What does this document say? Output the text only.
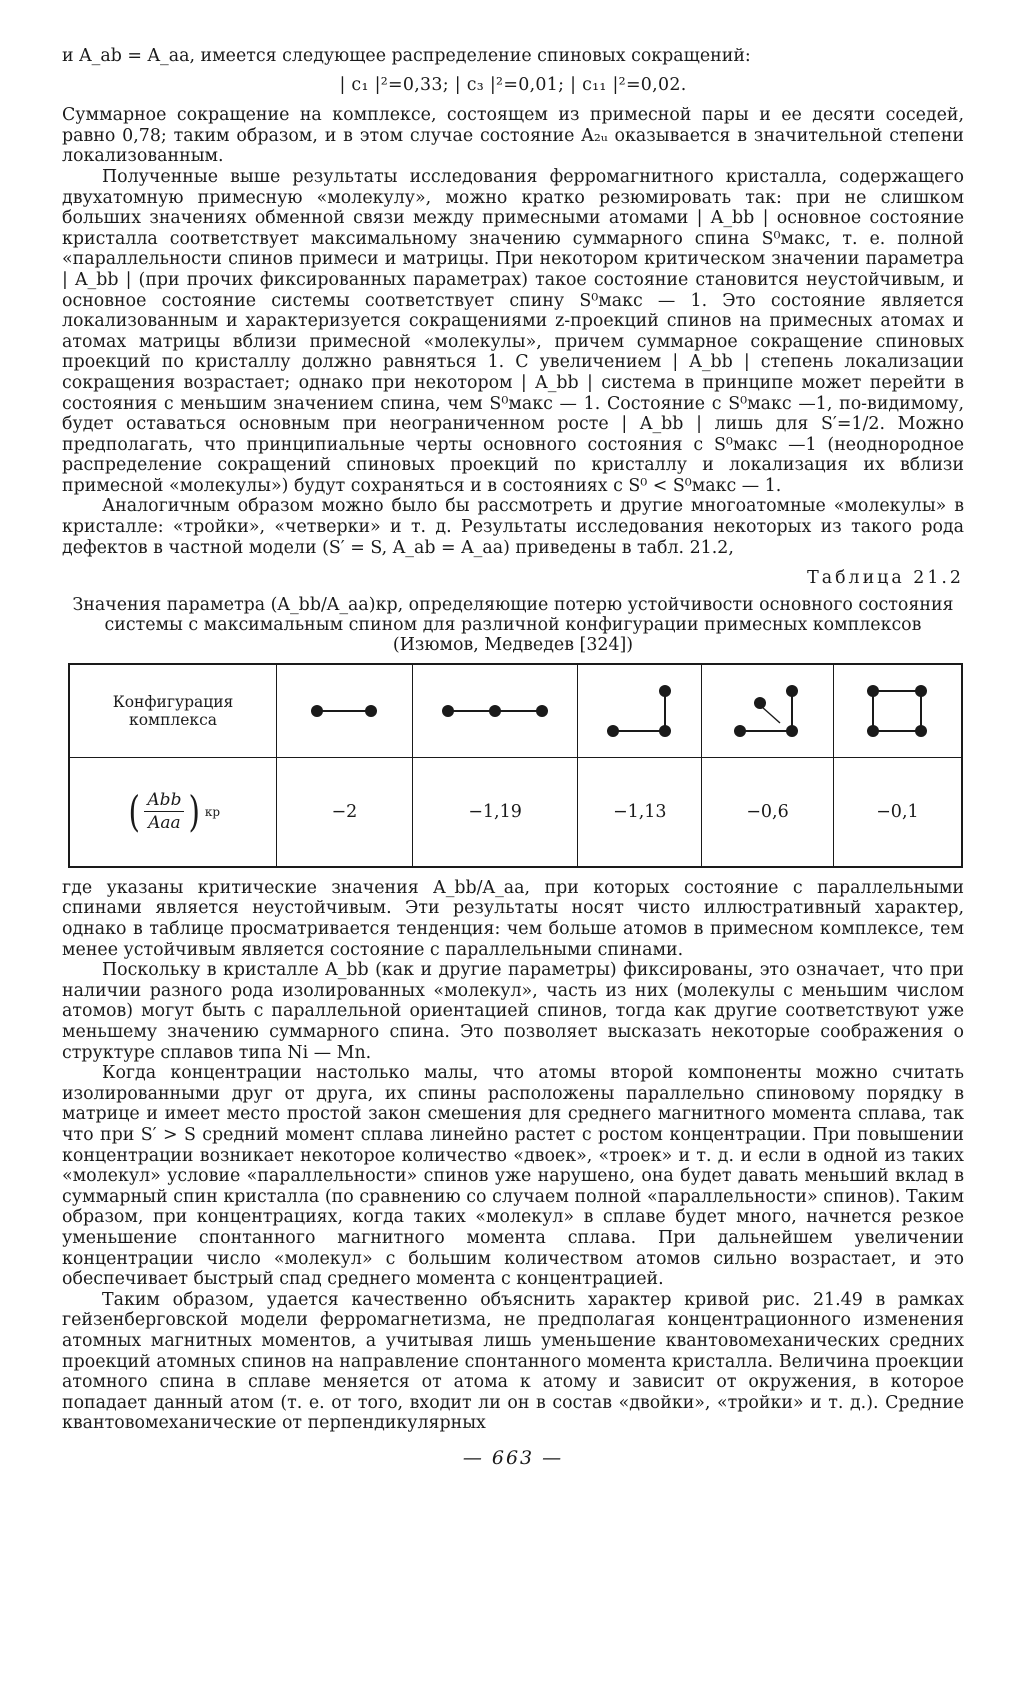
и A_ab = A_aa, имеется следующее распределение спиновых сокращений:

| c₁ |²=0,33; | c₃ |²=0,01; | c₁₁ |²=0,02.

Суммарное сокращение на комплексе, состоящем из примесной пары и ее десяти соседей, равно 0,78; таким образом, и в этом случае состояние A₂ᵤ оказывается в значительной степени локализованным.

Полученные выше результаты исследования ферромагнитного кристалла, содержащего двухатомную примесную «молекулу», можно кратко резюмировать так: при не слишком больших значениях обменной связи между примесными атомами | A_bb | основное состояние кристалла соответствует максимальному значению суммарного спина S⁰макс, т. е. полной «параллельности спинов примеси и матрицы. При некотором критическом значении параметра | A_bb | (при прочих фиксированных параметрах) такое состояние становится неустойчивым, и основное состояние системы соответствует спину S⁰макс — 1. Это состояние является локализованным и характеризуется сокращениями z-проекций спинов на примесных атомах и атомах матрицы вблизи примесной «молекулы», причем суммарное сокращение спиновых проекций по кристаллу должно равняться 1. С увеличением | A_bb | степень локализации сокращения возрастает; однако при некотором | A_bb | система в принципе может перейти в состояния с меньшим значением спина, чем S⁰макс — 1. Состояние с S⁰макс —1, по-видимому, будет оставаться основным при неограниченном росте | A_bb | лишь для S′=1/2. Можно предполагать, что принципиальные черты основного состояния с S⁰макс —1 (неоднородное распределение сокращений спиновых проекций по кристаллу и локализация их вблизи примесной «молекулы») будут сохраняться и в состояниях с S⁰ < S⁰макс — 1.

Аналогичным образом можно было бы рассмотреть и другие многоатомные «молекулы» в кристалле: «тройки», «четверки» и т. д. Результаты исследования некоторых из такого рода дефектов в частной модели (S′ = S, A_ab = A_aa) приведены в табл. 21.2,

Таблица 21.2

Значения параметра (A_bb/A_aa)кр, определяющие потерю устойчивости основного состояния системы с максимальным спином для различной конфигурации примесных комплексов (Изюмов, Медведев [324])

Конфигурация комплекса	

( $\frac{\text{Abb}}{\text{Aaa}}$ ) кр	−2	−1,19	−1,13	−0,6	−0,1

где указаны критические значения A_bb/A_aa, при которых состояние с параллельными спинами является неустойчивым. Эти результаты носят чисто иллюстративный характер, однако в таблице просматривается тенденция: чем больше атомов в примесном комплексе, тем менее устойчивым является состояние с параллельными спинами.

Поскольку в кристалле A_bb (как и другие параметры) фиксированы, это означает, что при наличии разного рода изолированных «молекул», часть из них (молекулы с меньшим числом атомов) могут быть с параллельной ориентацией спинов, тогда как другие соответствуют уже меньшему значению суммарного спина. Это позволяет высказать некоторые соображения о структуре сплавов типа Ni — Mn.

Когда концентрации настолько малы, что атомы второй компоненты можно считать изолированными друг от друга, их спины расположены параллельно спиновому порядку в матрице и имеет место простой закон смешения для среднего магнитного момента сплава, так что при S′ > S средний момент сплава линейно растет с ростом концентрации. При повышении концентрации возникает некоторое количество «двоек», «троек» и т. д. и если в одной из таких «молекул» условие «параллельности» спинов уже нарушено, она будет давать меньший вклад в суммарный спин кристалла (по сравнению со случаем полной «параллельности» спинов). Таким образом, при концентрациях, когда таких «молекул» в сплаве будет много, начнется резкое уменьшение спонтанного магнитного момента сплава. При дальнейшем увеличении концентрации число «молекул» с большим количеством атомов сильно возрастает, и это обеспечивает быстрый спад среднего момента с концентрацией.

Таким образом, удается качественно объяснить характер кривой рис. 21.49 в рамках гейзенберговской модели ферромагнетизма, не предполагая концентрационного изменения атомных магнитных моментов, а учитывая лишь уменьшение квантовомеханических средних проекций атомных спинов на направление спонтанного момента кристалла. Величина проекции атомного спина в сплаве меняется от атома к атому и зависит от окружения, в которое попадает данный атом (т. е. от того, входит ли он в состав «двойки», «тройки» и т. д.). Средние квантовомеханические от перпендикулярных

— 663 —
